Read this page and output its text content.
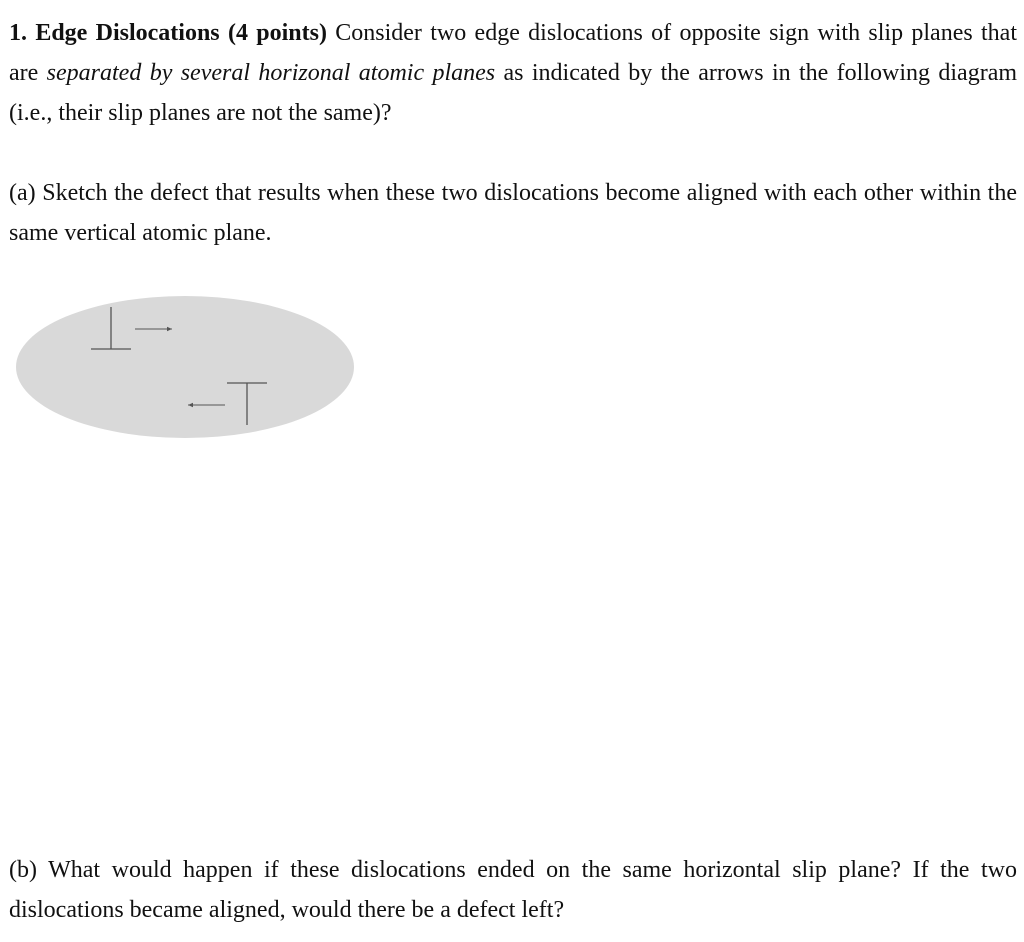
1. Edge Dislocations (4 points) Consider two edge dislocations of opposite sign with slip planes that are separated by several horizonal atomic planes as indicated by the arrows in the following diagram (i.e., their slip planes are not the same)?

(a) Sketch the defect that results when these two dislocations become aligned with each other within the same vertical atomic plane.

(b) What would happen if these dislocations ended on the same horizontal slip plane? If the two dislocations became aligned, would there be a defect left?
